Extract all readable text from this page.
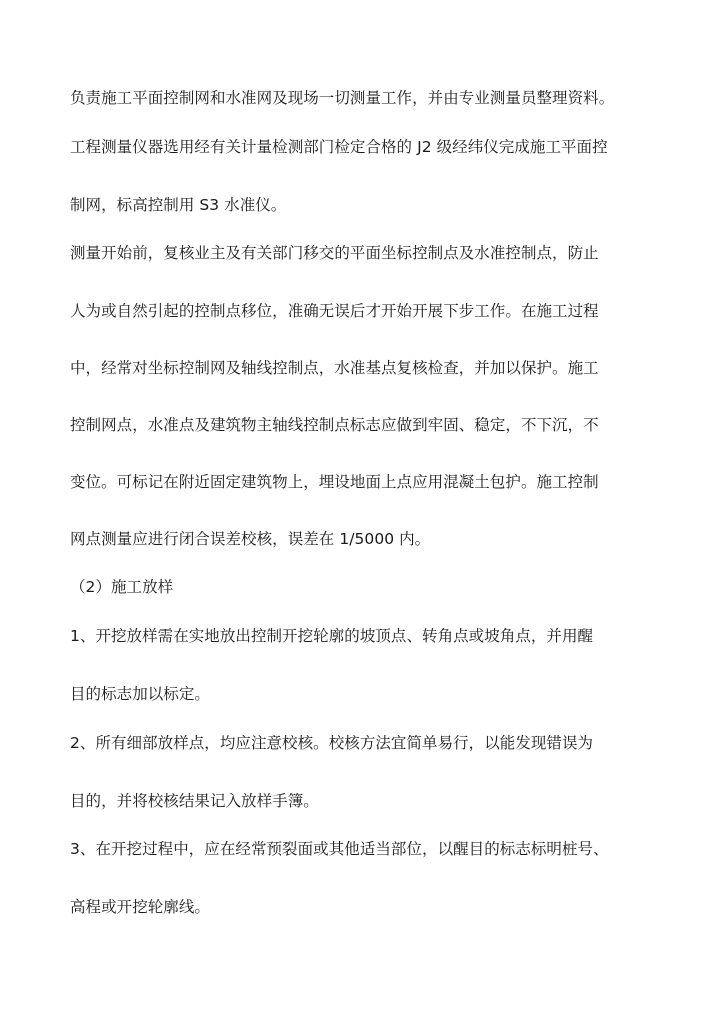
负责施工平面控制网和水准网及现场一切测量工作，并由专业测量员整理资料。
工程测量仪器选用经有关计量检测部门检定合格的 J2 级经纬仪完成施工平面控
制网，标高控制用 S3 水准仪。
测量开始前，复核业主及有关部门移交的平面坐标控制点及水准控制点，防止
人为或自然引起的控制点移位，准确无误后才开始开展下步工作。在施工过程
中，经常对坐标控制网及轴线控制点，水准基点复核检查，并加以保护。施工
控制网点，水准点及建筑物主轴线控制点标志应做到牢固、稳定，不下沉，不
变位。可标记在附近固定建筑物上，埋设地面上点应用混凝土包护。施工控制
网点测量应进行闭合误差校核，误差在 1/5000 内。
（2）施工放样
1、开挖放样需在实地放出控制开挖轮廓的坡顶点、转角点或坡角点，并用醒
目的标志加以标定。
2、所有细部放样点，均应注意校核。校核方法宜简单易行，以能发现错误为
目的，并将校核结果记入放样手簿。
3、在开挖过程中，应在经常预裂面或其他适当部位，以醒目的标志标明桩号、
高程或开挖轮廓线。
